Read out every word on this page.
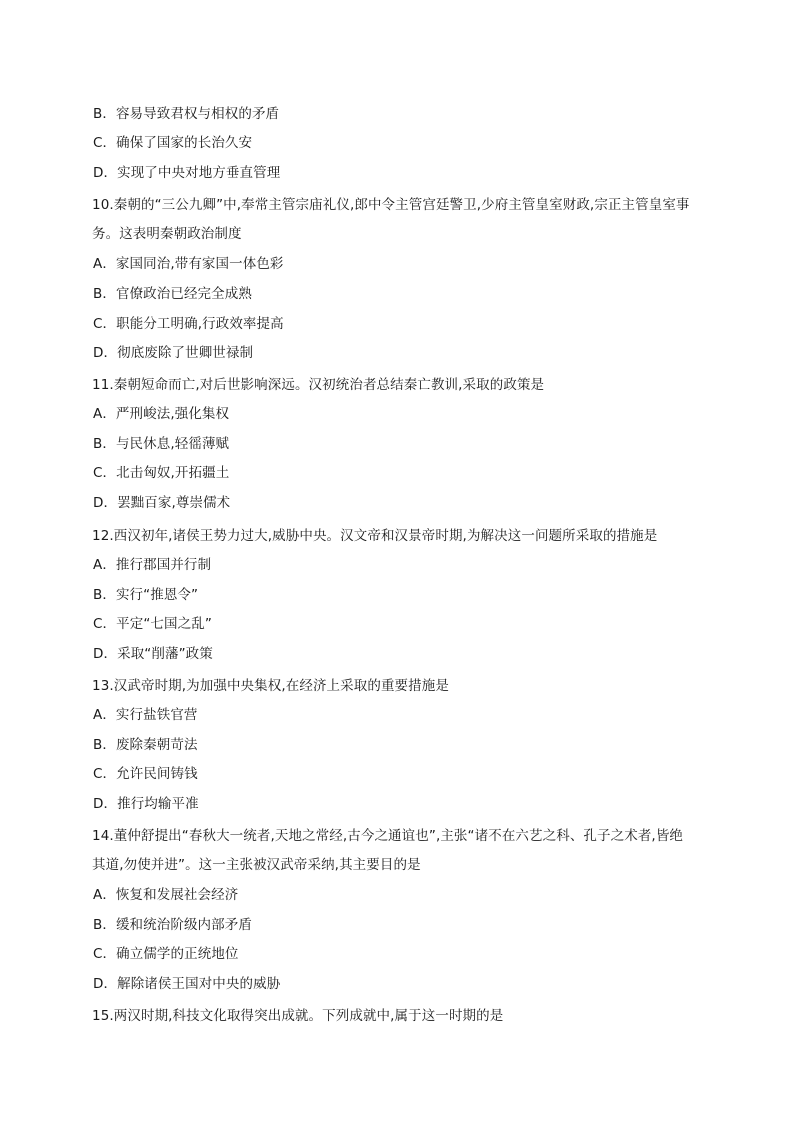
B．容易导致君权与相权的矛盾
C．确保了国家的长治久安
D．实现了中央对地方垂直管理
10.秦朝的“三公九卿”中,奉常主管宗庙礼仪,郎中令主管宫廷警卫,少府主管皇室财政,宗正主管皇室事
务。这表明秦朝政治制度
A．家国同治,带有家国一体色彩
B．官僚政治已经完全成熟
C．职能分工明确,行政效率提高
D．彻底废除了世卿世禄制
11.秦朝短命而亡,对后世影响深远。汉初统治者总结秦亡教训,采取的政策是
A．严刑峻法,强化集权
B．与民休息,轻徭薄赋
C．北击匈奴,开拓疆土
D．罢黜百家,尊崇儒术
12.西汉初年,诸侯王势力过大,威胁中央。汉文帝和汉景帝时期,为解决这一问题所采取的措施是
A．推行郡国并行制
B．实行“推恩令”
C．平定“七国之乱”
D．采取“削藩”政策
13.汉武帝时期,为加强中央集权,在经济上采取的重要措施是
A．实行盐铁官营
B．废除秦朝苛法
C．允许民间铸钱
D．推行均输平准
14.董仲舒提出“春秋大一统者,天地之常经,古今之通谊也”,主张“诸不在六艺之科、孔子之术者,皆绝
其道,勿使并进”。这一主张被汉武帝采纳,其主要目的是
A．恢复和发展社会经济
B．缓和统治阶级内部矛盾
C．确立儒学的正统地位
D．解除诸侯王国对中央的威胁
15.两汉时期,科技文化取得突出成就。下列成就中,属于这一时期的是
